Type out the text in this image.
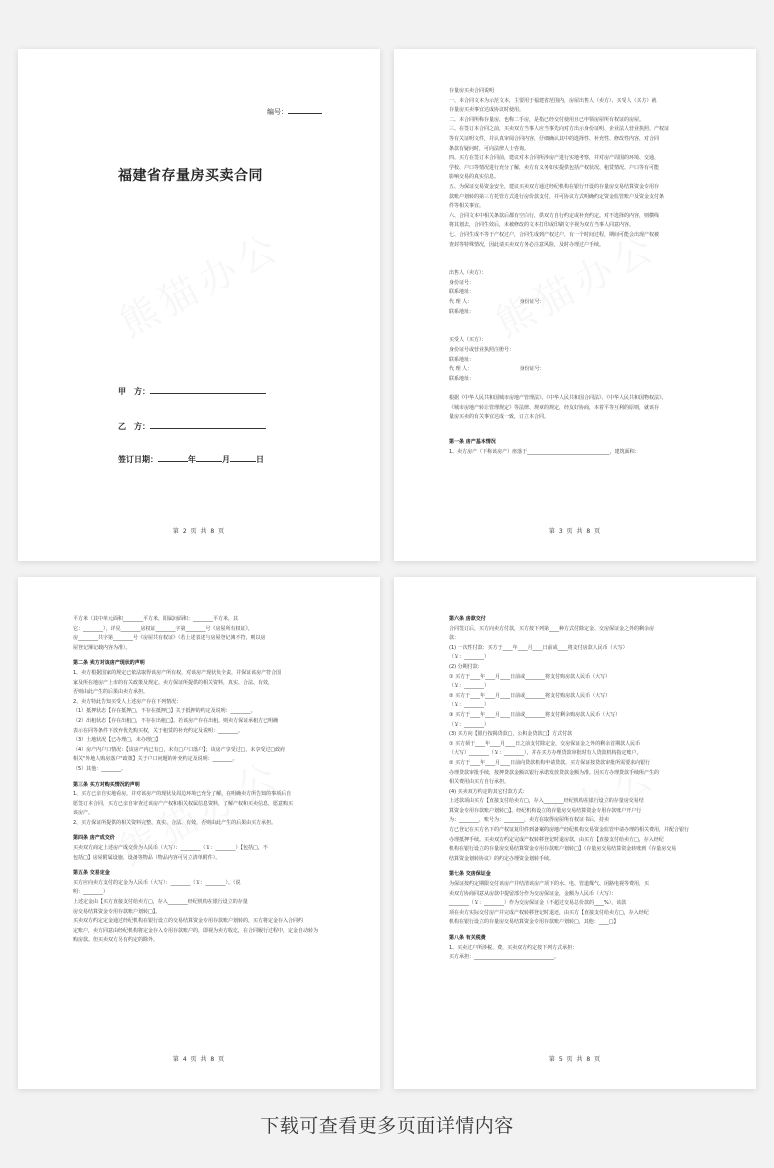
编号：
福建省存量房买卖合同
甲　方：
乙　方：
签订日期：	年	月	日
第 2 页 共 8 页

存量房买卖合同说明

一、本合同文本为示范文本，主要用于福建省范围内，房屋出售人（卖方）、买受人（买方）就

存量房买卖事宜达成协议时使用。

二、本合同所称存量房，也称二手房，是指已经交付使用且已申领房屋所有权证的房屋。

三、在签订本合同之前，买卖双方当事人应当事先向对方出示身份证明、企业法人营业执照、产权证

等有关证明文件，并认真审阅合同内容，仔细确认其中的选择性、补充性、修改性内容，对合同

条款有疑问时，可向法律人士咨询。

四、买方在签订本合同前，建议对本合同所涉房产进行实地考察，并对房产周围的环境、交通、

学校、户口等情况进行充分了解，卖方有义务如实提供包括产权状况、租赁情况、户口等有可能

影响交易的真实信息。

五、为保证交易资金安全，建议买卖双方通过经纪机构在银行开设的存量房交易结算资金专用存

款账户划转的第三方托管方式进行房价款支付，并可协议方式明确约定资金监管账户及资金支付条

件等相关事宜。

六、合同文本中相关条款后都有空白行，供双方自行约定或补充约定。对不选择的内容，则横线

将其划去，合同生效后，未被修改的文本打印或印刷文字视为双方当事人同意内容。

七、合同生成不等于产权过户，合同生成到产权过户，有一个时间过程，期间可能会出现产权被

查封等特殊情况，因此请买卖双方务必注意风险，及时办理过户手续。

出售人（卖方）：

身份证号：

联系地址：

代 理 人：　　　　　　　　　　身份证号：

联系地址：

买受人（买方）：

身份证号或营业执照注册号：

联系地址：

代 理 人：　　　　　　　　　　身份证号：

联系地址：

根据《中华人民共和国城市房地产管理法》、《中华人民共和国合同法》、《中华人民共和国物权法》、

《城市房地产转让管理规定》等法律、规章的规定，经友好协商，本着平等互利的原则，就该存

量房买卖的有关事宜达成一致，订立本合同。

第一条 房产基本情况

1、卖方房产（下称该房产）座落于_________________________________，建筑面积：

第 3 页 共 8 页

平方米（其中单元面积________平方米，阳属间面积：________平方米，其

它：________），详见________房权证________字第________号《房屋所有权证》，

房________共字第________号《房屋共有权证》（若上述表述与房屋登记簿不符，则以房

屋登记簿记载内容为准）。

第二条 卖方对该房产现状的声明

1、卖方根据国家的规定已依法取得该房产所有权，对该房产现状负全责，并保证该房产符合国

家及所在地房产上市的有关政策及规定。卖方保证所提供的相关资料，真实、合法、有效，

否则由此产生的后果由卖方承担。

2、卖方特此告知买受人上述房产存在下列情况：

（1）抵押状态【存在抵押□，不存在抵押□】关于抵押的约定及说明：________。

（2）出租状态【存在出租□，不存在出租□】。若该房产存在出租，则卖方保证承租方已明确

表示在同等条件下放弃优先购买权，关于租赁的补充约定及说明：________。

（3）土地状况【已办理□，未办理□】

（4）房产内户口情况：【该房产内已有□，未有□户口落户】；该房产享受过□，未享受过□政府

相关"外地人购房落户"政策】关于户口问题的补充约定及说明：________。

（5）其他：________。

第三条 买方对购买情况的声明

1、买方已亲自实地看房，并对该房产的现状及周边环境已充分了解，在明确卖方所告知的事项后自

愿签订本合同，买方已亲自审查过该房产产权和相关权属信息资料，了解产权和买卖信息，愿意购买

该房产。

2、买方保证所提供的相关资料完整、真实、合法、有效，否则由此产生的后果由买方承担。

第四条 房产成交价

买卖双方商定上述房产成交价为人民币（大写）：________（￥：________）【包括□，不

包括□】房屋附属设施、设备等物品（物品内容可另立清单附件）。

第五条 交易定金

买方应向卖方支付的定金为人民币（大写）：________（￥：________）。（说

明：________）

上述定金由【买方直接支付给卖方□，存入________经纪机构在银行设立的存量

房交易结算资金专用存款账户划转□】。

买卖双方约定定金通过经纪机构在银行设立的交易结算资金专用存款账户划转的，买方将定金存入合同约

定账户，卖方同意由经纪机构将定金存入专用存款账户的，即视为卖方收讫，在合同履行过程中，定金自动转为

购房款。但买卖双方另有约定的除外。

第 4 页 共 8 页

第六条 房款交付

合同签订后，买方向卖方付款，买方按下列第____种方式付除定金、交房保证金之外的剩余房

款：

(1) 一次性付款：买方于____年____月____日前或____将支付房款人民币（大写）

（￥：________）

(2) 分期付款：

① 买方于____年____月____日前或________将支付购房款人民币（大写）

（￥：________）

② 买方于____年____月____日前或________将支付购房款人民币（大写）

（￥：________）

③ 买方于____年____月____日前或________将支付剩余购房款人民币（大写）

（￥：________）

(3) 买方向【银行按揭贷款□，公积金贷款□】方式付款

① 买方须于____年____月____日之前支付除定金，交房保证金之外的剩余首期款人民币

（大写）________（￥：________），并在买方办理贷款审批时有人贷款机构指定账户。

② 买方于____年____月____日前向贷款机构申请贷款，买方保证按贷款审批所需要求向银行

办理贷款审批手续，按押贷款金额以银行承诺发放贷款金额为准。因买方办理贷款手续所产生的

相关费用由买方自行承担。

(4) 买卖双方约定的其它付款方式：

上述款项由买方【直接支付给卖方□，存入________经纪机构在银行设立的存量房交易结

算资金专用存款账户划转□】。经纪机构设立的存量房交易结算资金专用存款账户开户行

为：________，账号为：________，卖方在取得房屋所有权证书后，持卖

方已登记在买方名下的产权证复印件到备案的房地产经纪机构交易资金监管申请办理的相关费用，并配合银行

办理抵押手续。买卖双方约定完成产权转移登记时退房款，由买方【直接支付给卖方□，存入经纪

机构在银行设立的存量房交易结算资金专用存款账户划转□】（存量房交易结算资金转账到《存量房交易

结算资金划转协议》的约定办理资金划转手续。

第七条 交房保证金

为保证按约定期限交付该房产并结清该房产项下的水、电、管道煤气、闭路电视等费用，买

卖双方协商同意从房款中提留部分作为交房保证金，金额为人民币（大写）：

________（￥：________）作为交房保证金（不超过交易总价款的____%），该款

项在卖方实际交付房产并完成产权转移登记时退还，由买方【直接支付给卖方□，存入经纪

机构在银行设立的存量房交易结算资金专用存款账户划转□，其他：____□】

第八条 有关税费

1、买卖过户所涉税、费，买卖双方约定按下列方式承担：

买方承担：________________________________。

第 5 页 共 8 页
下载可查看更多页面详情内容
